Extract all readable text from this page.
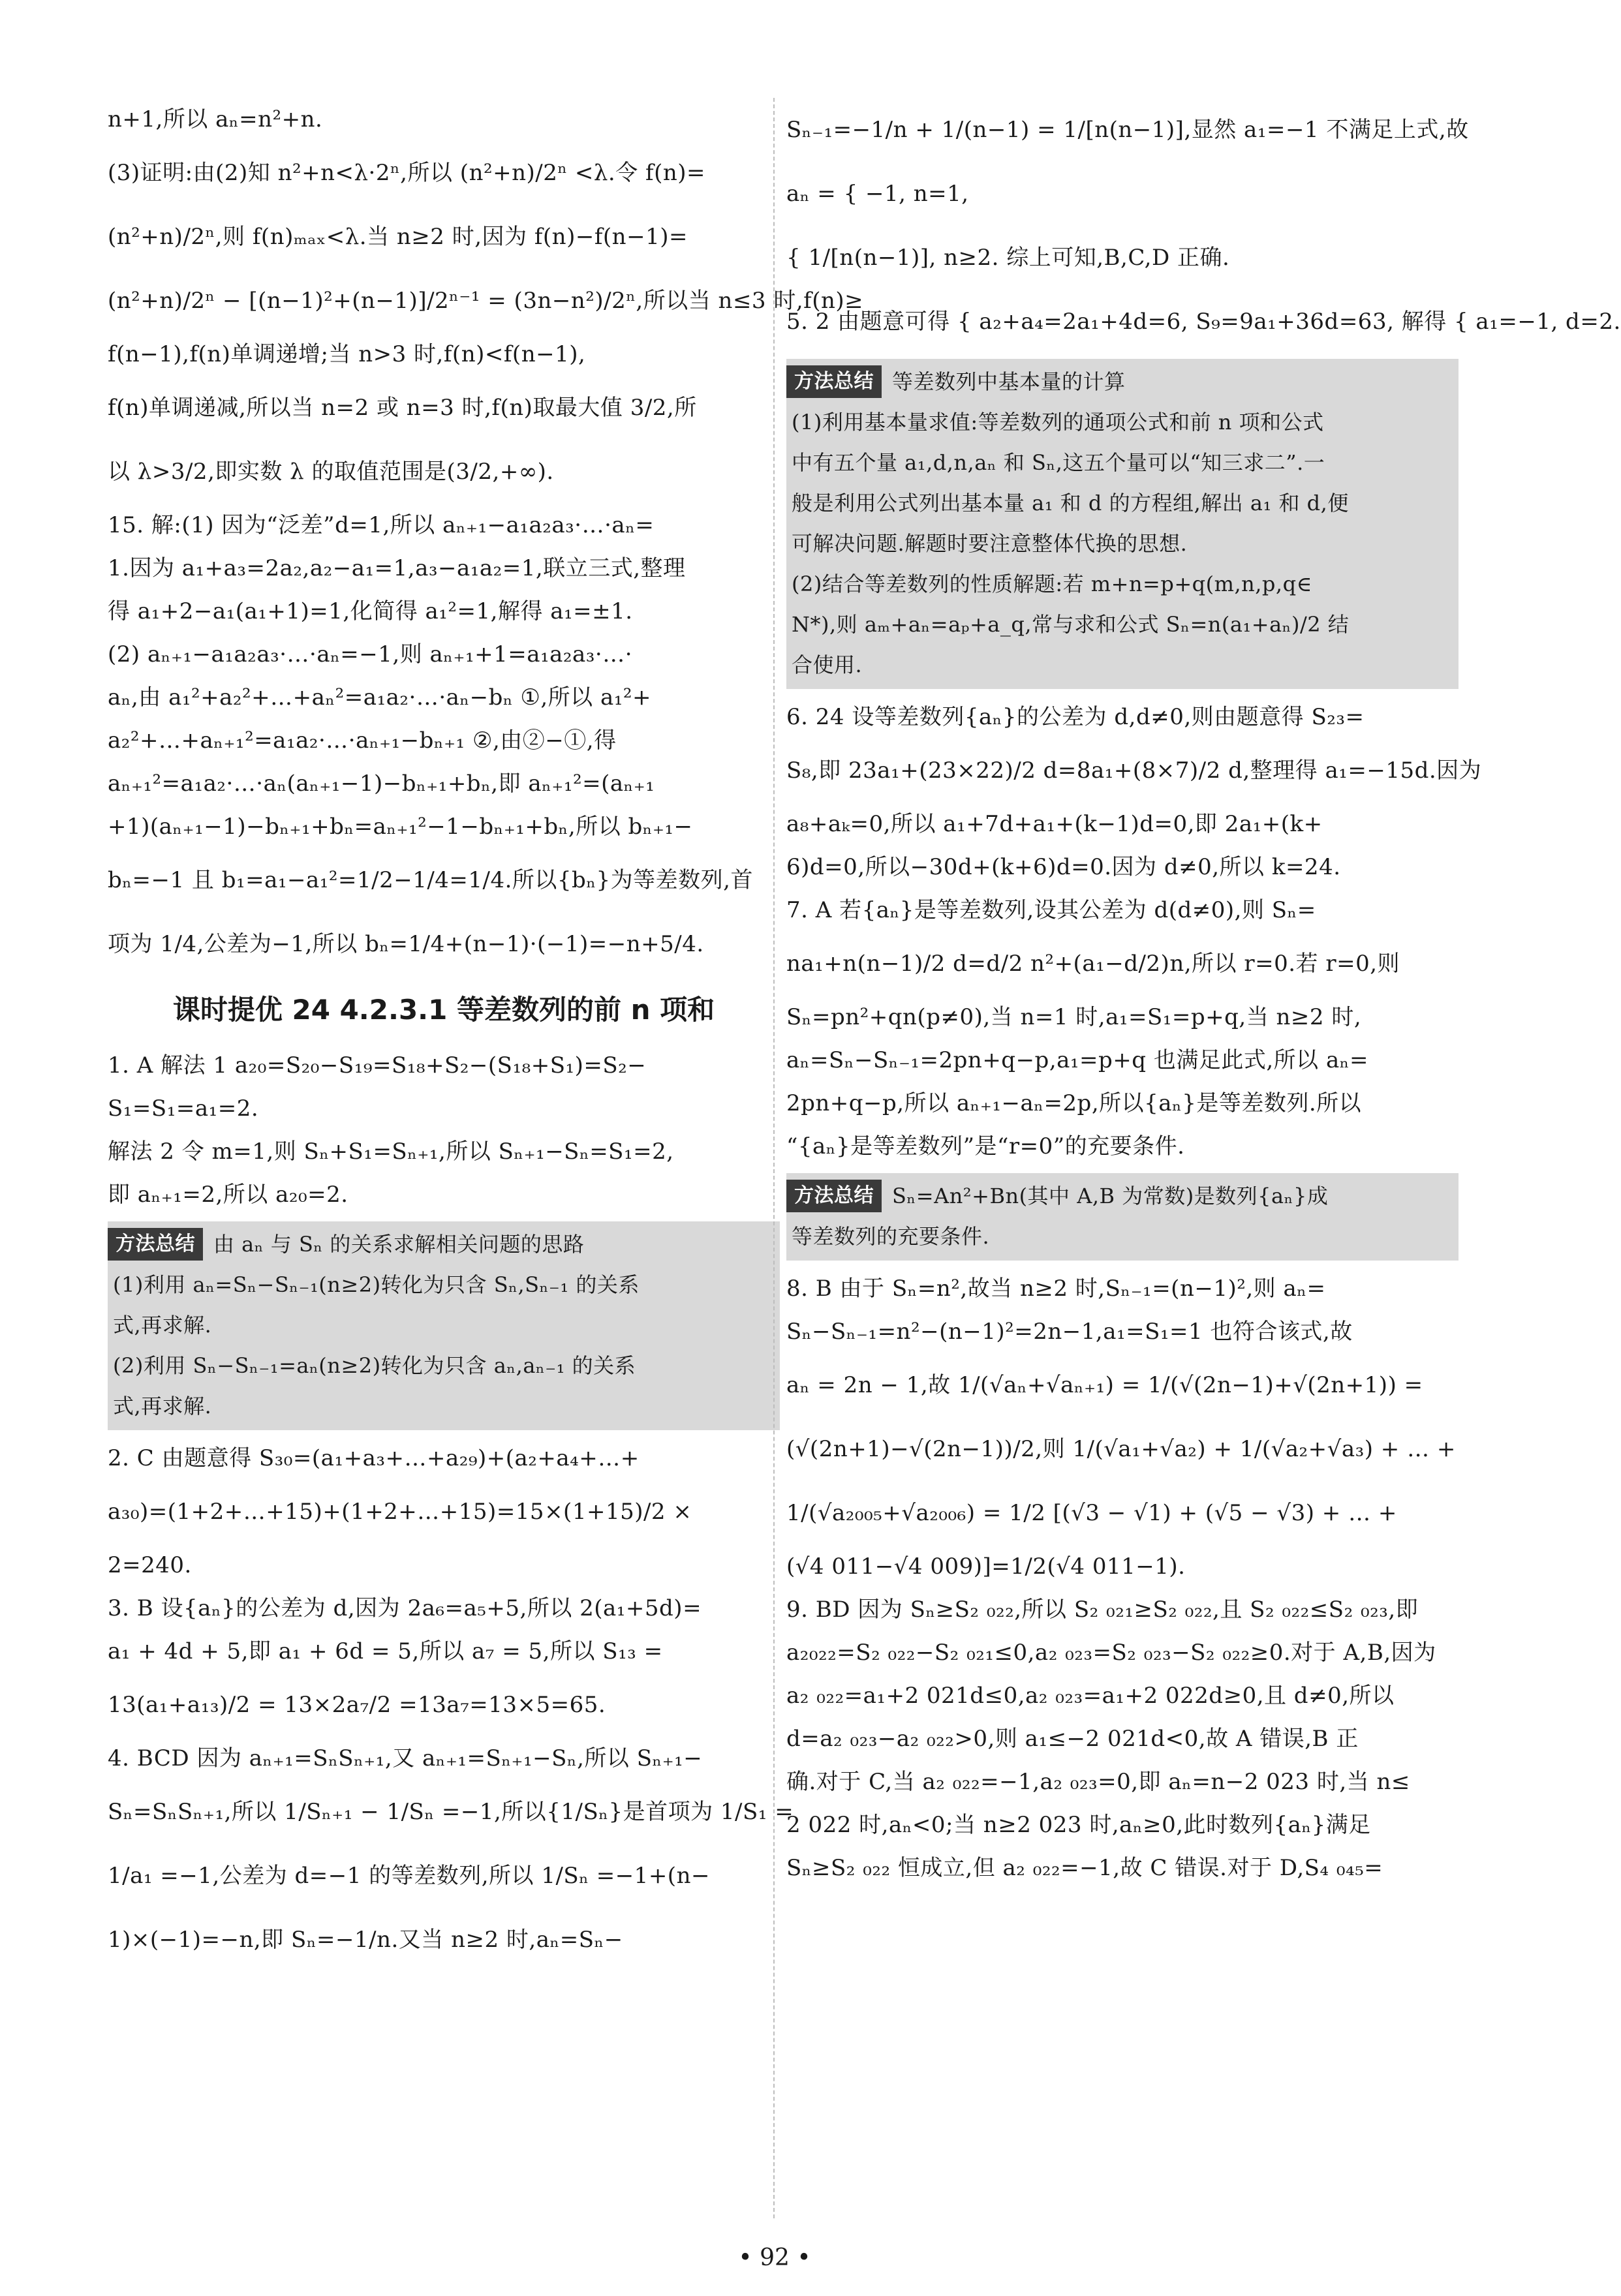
n+1,所以 aₙ=n²+n.
(3)证明:由(2)知 n²+n<λ·2ⁿ,所以 (n²+n)/2ⁿ <λ.令 f(n)=
(n²+n)/2ⁿ,则 f(n)ₘₐₓ<λ.当 n≥2 时,因为 f(n)−f(n−1)=
(n²+n)/2ⁿ − [(n−1)²+(n−1)]/2ⁿ⁻¹ = (3n−n²)/2ⁿ,所以当 n≤3 时,f(n)≥
f(n−1),f(n)单调递增;当 n>3 时,f(n)<f(n−1),
f(n)单调递减,所以当 n=2 或 n=3 时,f(n)取最大值 3/2,所
以 λ>3/2,即实数 λ 的取值范围是(3/2,+∞).
15. 解:(1) 因为“泛差”d=1,所以 aₙ₊₁−a₁a₂a₃·…·aₙ=
1.因为 a₁+a₃=2a₂,a₂−a₁=1,a₃−a₁a₂=1,联立三式,整理
得 a₁+2−a₁(a₁+1)=1,化简得 a₁²=1,解得 a₁=±1.
(2) aₙ₊₁−a₁a₂a₃·…·aₙ=−1,则 aₙ₊₁+1=a₁a₂a₃·…·
aₙ,由 a₁²+a₂²+…+aₙ²=a₁a₂·…·aₙ−bₙ ①,所以 a₁²+
a₂²+…+aₙ₊₁²=a₁a₂·…·aₙ₊₁−bₙ₊₁ ②,由②−①,得
aₙ₊₁²=a₁a₂·…·aₙ(aₙ₊₁−1)−bₙ₊₁+bₙ,即 aₙ₊₁²=(aₙ₊₁
+1)(aₙ₊₁−1)−bₙ₊₁+bₙ=aₙ₊₁²−1−bₙ₊₁+bₙ,所以 bₙ₊₁−
bₙ=−1 且 b₁=a₁−a₁²=1/2−1/4=1/4.所以{bₙ}为等差数列,首
项为 1/4,公差为−1,所以 bₙ=1/4+(n−1)·(−1)=−n+5/4.
课时提优 24 4.2.3.1 等差数列的前 n 项和
1. A 解法 1 a₂₀=S₂₀−S₁₉=S₁₈+S₂−(S₁₈+S₁)=S₂−
S₁=S₁=a₁=2.
解法 2 令 m=1,则 Sₙ+S₁=Sₙ₊₁,所以 Sₙ₊₁−Sₙ=S₁=2,
即 aₙ₊₁=2,所以 a₂₀=2.
方法总结 由 aₙ 与 Sₙ 的关系求解相关问题的思路
(1)利用 aₙ=Sₙ−Sₙ₋₁(n≥2)转化为只含 Sₙ,Sₙ₋₁ 的关系
式,再求解.
(2)利用 Sₙ−Sₙ₋₁=aₙ(n≥2)转化为只含 aₙ,aₙ₋₁ 的关系
式,再求解.
2. C 由题意得 S₃₀=(a₁+a₃+…+a₂₉)+(a₂+a₄+…+
a₃₀)=(1+2+…+15)+(1+2+…+15)=15×(1+15)/2 ×
2=240.
3. B 设{aₙ}的公差为 d,因为 2a₆=a₅+5,所以 2(a₁+5d)=
a₁ + 4d + 5,即 a₁ + 6d = 5,所以 a₇ = 5,所以 S₁₃ =
13(a₁+a₁₃)/2 = 13×2a₇/2 =13a₇=13×5=65.
4. BCD 因为 aₙ₊₁=SₙSₙ₊₁,又 aₙ₊₁=Sₙ₊₁−Sₙ,所以 Sₙ₊₁−
Sₙ=SₙSₙ₊₁,所以 1/Sₙ₊₁ − 1/Sₙ =−1,所以{1/Sₙ}是首项为 1/S₁ =
1/a₁ =−1,公差为 d=−1 的等差数列,所以 1/Sₙ =−1+(n−
1)×(−1)=−n,即 Sₙ=−1/n.又当 n≥2 时,aₙ=Sₙ−
Sₙ₋₁=−1/n + 1/(n−1) = 1/[n(n−1)],显然 a₁=−1 不满足上式,故
aₙ = { −1, n=1,
{ 1/[n(n−1)], n≥2. 综上可知,B,C,D 正确.
5. 2 由题意可得 { a₂+a₄=2a₁+4d=6, S₉=9a₁+36d=63, 解得 { a₁=−1, d=2.
方法总结 等差数列中基本量的计算
(1)利用基本量求值:等差数列的通项公式和前 n 项和公式
中有五个量 a₁,d,n,aₙ 和 Sₙ,这五个量可以“知三求二”.一
般是利用公式列出基本量 a₁ 和 d 的方程组,解出 a₁ 和 d,便
可解决问题.解题时要注意整体代换的思想.
(2)结合等差数列的性质解题:若 m+n=p+q(m,n,p,q∈
N*),则 aₘ+aₙ=aₚ+a_q,常与求和公式 Sₙ=n(a₁+aₙ)/2 结
合使用.
6. 24 设等差数列{aₙ}的公差为 d,d≠0,则由题意得 S₂₃=
S₈,即 23a₁+(23×22)/2 d=8a₁+(8×7)/2 d,整理得 a₁=−15d.因为
a₈+aₖ=0,所以 a₁+7d+a₁+(k−1)d=0,即 2a₁+(k+
6)d=0,所以−30d+(k+6)d=0.因为 d≠0,所以 k=24.
7. A 若{aₙ}是等差数列,设其公差为 d(d≠0),则 Sₙ=
na₁+n(n−1)/2 d=d/2 n²+(a₁−d/2)n,所以 r=0.若 r=0,则
Sₙ=pn²+qn(p≠0),当 n=1 时,a₁=S₁=p+q,当 n≥2 时,
aₙ=Sₙ−Sₙ₋₁=2pn+q−p,a₁=p+q 也满足此式,所以 aₙ=
2pn+q−p,所以 aₙ₊₁−aₙ=2p,所以{aₙ}是等差数列.所以
“{aₙ}是等差数列”是“r=0”的充要条件.
方法总结 Sₙ=An²+Bn(其中 A,B 为常数)是数列{aₙ}成
等差数列的充要条件.
8. B 由于 Sₙ=n²,故当 n≥2 时,Sₙ₋₁=(n−1)²,则 aₙ=
Sₙ−Sₙ₋₁=n²−(n−1)²=2n−1,a₁=S₁=1 也符合该式,故
aₙ = 2n − 1,故 1/(√aₙ+√aₙ₊₁) = 1/(√(2n−1)+√(2n+1)) =
(√(2n+1)−√(2n−1))/2,则 1/(√a₁+√a₂) + 1/(√a₂+√a₃) + … +
1/(√a₂₀₀₅+√a₂₀₀₆) = 1/2 [(√3 − √1) + (√5 − √3) + … +
(√4 011−√4 009)]=1/2(√4 011−1).
9. BD 因为 Sₙ≥S₂ ₀₂₂,所以 S₂ ₀₂₁≥S₂ ₀₂₂,且 S₂ ₀₂₂≤S₂ ₀₂₃,即
a₂₀₂₂=S₂ ₀₂₂−S₂ ₀₂₁≤0,a₂ ₀₂₃=S₂ ₀₂₃−S₂ ₀₂₂≥0.对于 A,B,因为
a₂ ₀₂₂=a₁+2 021d≤0,a₂ ₀₂₃=a₁+2 022d≥0,且 d≠0,所以
d=a₂ ₀₂₃−a₂ ₀₂₂>0,则 a₁≤−2 021d<0,故 A 错误,B 正
确.对于 C,当 a₂ ₀₂₂=−1,a₂ ₀₂₃=0,即 aₙ=n−2 023 时,当 n≤
2 022 时,aₙ<0;当 n≥2 023 时,aₙ≥0,此时数列{aₙ}满足
Sₙ≥S₂ ₀₂₂ 恒成立,但 a₂ ₀₂₂=−1,故 C 错误.对于 D,S₄ ₀₄₅=
• 92 •
